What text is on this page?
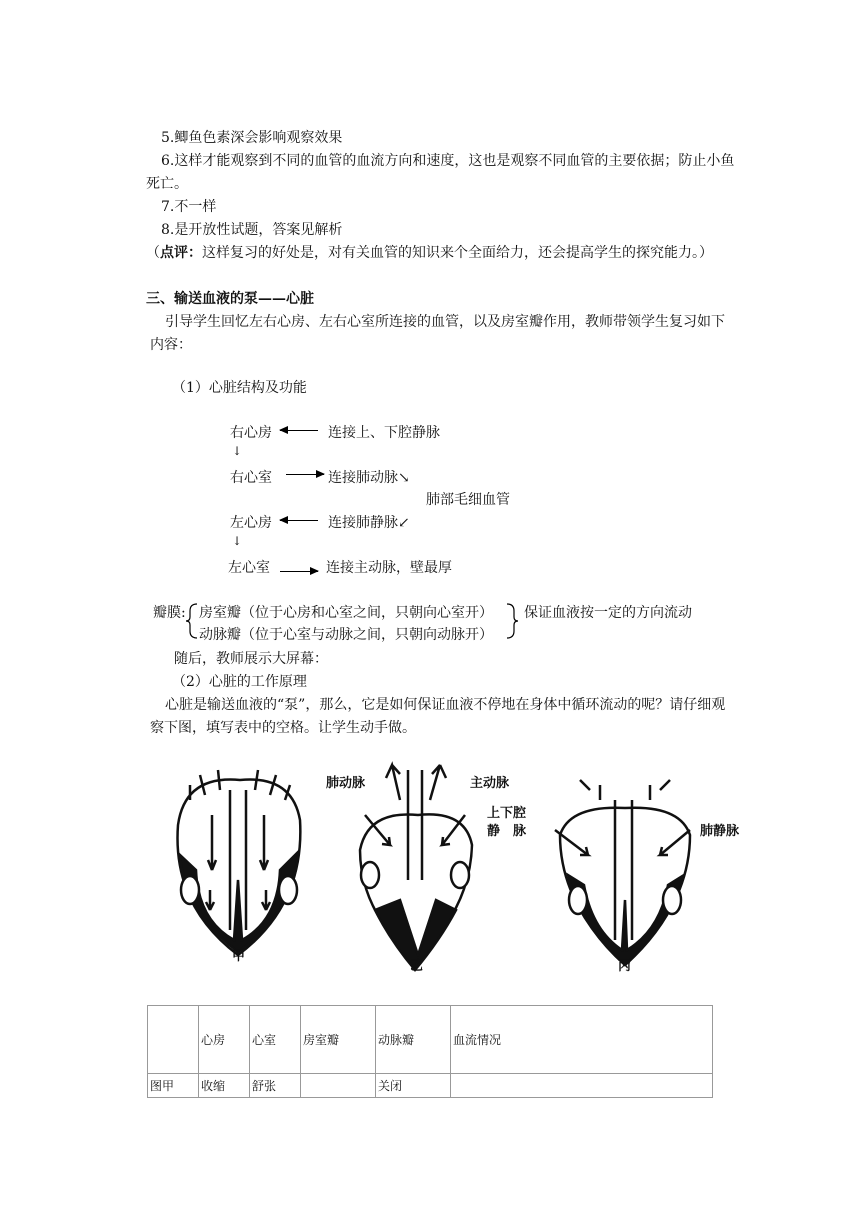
5.鲫鱼色素深会影响观察效果
6.这样才能观察到不同的血管的血流方向和速度，这也是观察不同血管的主要依据；防止小鱼死亡。
7.不一样
8.是开放性试题，答案见解析
（点评：这样复习的好处是，对有关血管的知识来个全面给力，还会提高学生的探究能力。）
三、输送血液的泵——心脏
引导学生回忆左右心房、左右心室所连接的血管，以及房室瓣作用，教师带领学生复习如下内容：
（1）心脏结构及功能
右心房	连接上、下腔静脉
↓
右心室	连接肺动脉↘
肺部毛细血管
左心房	连接肺静脉↙
↓
左心室	连接主动脉，壁最厚
瓣膜: 房室瓣（位于心房和心室之间，只朝向心室开）
动脉瓣（位于心室与动脉之间，只朝向动脉开）
保证血液按一定的方向流动
随后，教师展示大屏幕：
（2）心脏的工作原理
心脏是输送血液的“泵”，那么，它是如何保证血液不停地在身体中循环流动的呢？请仔细观察下图，填写表中的空格。让学生动手做。
甲
乙	丙
肺动脉	主动脉
上下腔
静　脉	肺静脉
	心房	心室	房室瓣	动脉瓣	血流情况
图甲	收缩	舒张		关闭	
